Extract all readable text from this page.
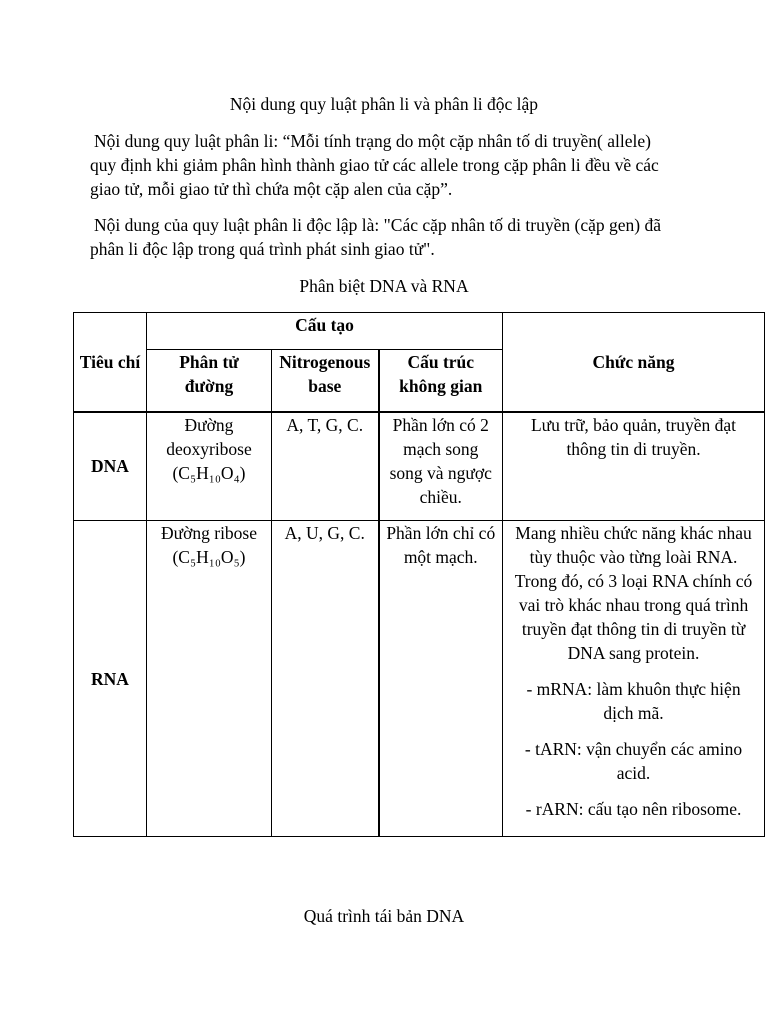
Nội dung quy luật phân li và phân li độc lập

Nội dung quy luật phân li: “Mỗi tính trạng do một cặp nhân tố di truyền( allele) quy định khi giảm phân hình thành giao tử các allele trong cặp phân li đều về các giao tử, mỗi giao tử thì chứa một cặp alen của cặp”.

Nội dung của quy luật phân li độc lập là: "Các cặp nhân tố di truyền (cặp gen) đã phân li độc lập trong quá trình phát sinh giao tử".

Phân biệt DNA và RNA

Tiêu chí	Cấu tạo			Chức năng
	Phân tử đường	Nitrogenous base	Cấu trúc không gian	
DNA	Đường deoxyribose (C₅H₁₀O₄)	A, T, G, C.	Phần lớn có 2 mạch song song và ngược chiều.	Lưu trữ, bảo quản, truyền đạt thông tin di truyền.

RNA	Đường ribose (C₅H₁₀O₅)	A, U, G, C.	Phần lớn chỉ có một mạch.	Mang nhiều chức năng khác nhau tùy thuộc vào từng loài RNA. Trong đó, có 3 loại RNA chính có vai trò khác nhau trong quá trình truyền đạt thông tin di truyền từ DNA sang protein.

- mRNA: làm khuôn thực hiện dịch mã.

- tARN: vận chuyển các amino acid.

- rARN: cấu tạo nên ribosome.

Quá trình tái bản DNA
